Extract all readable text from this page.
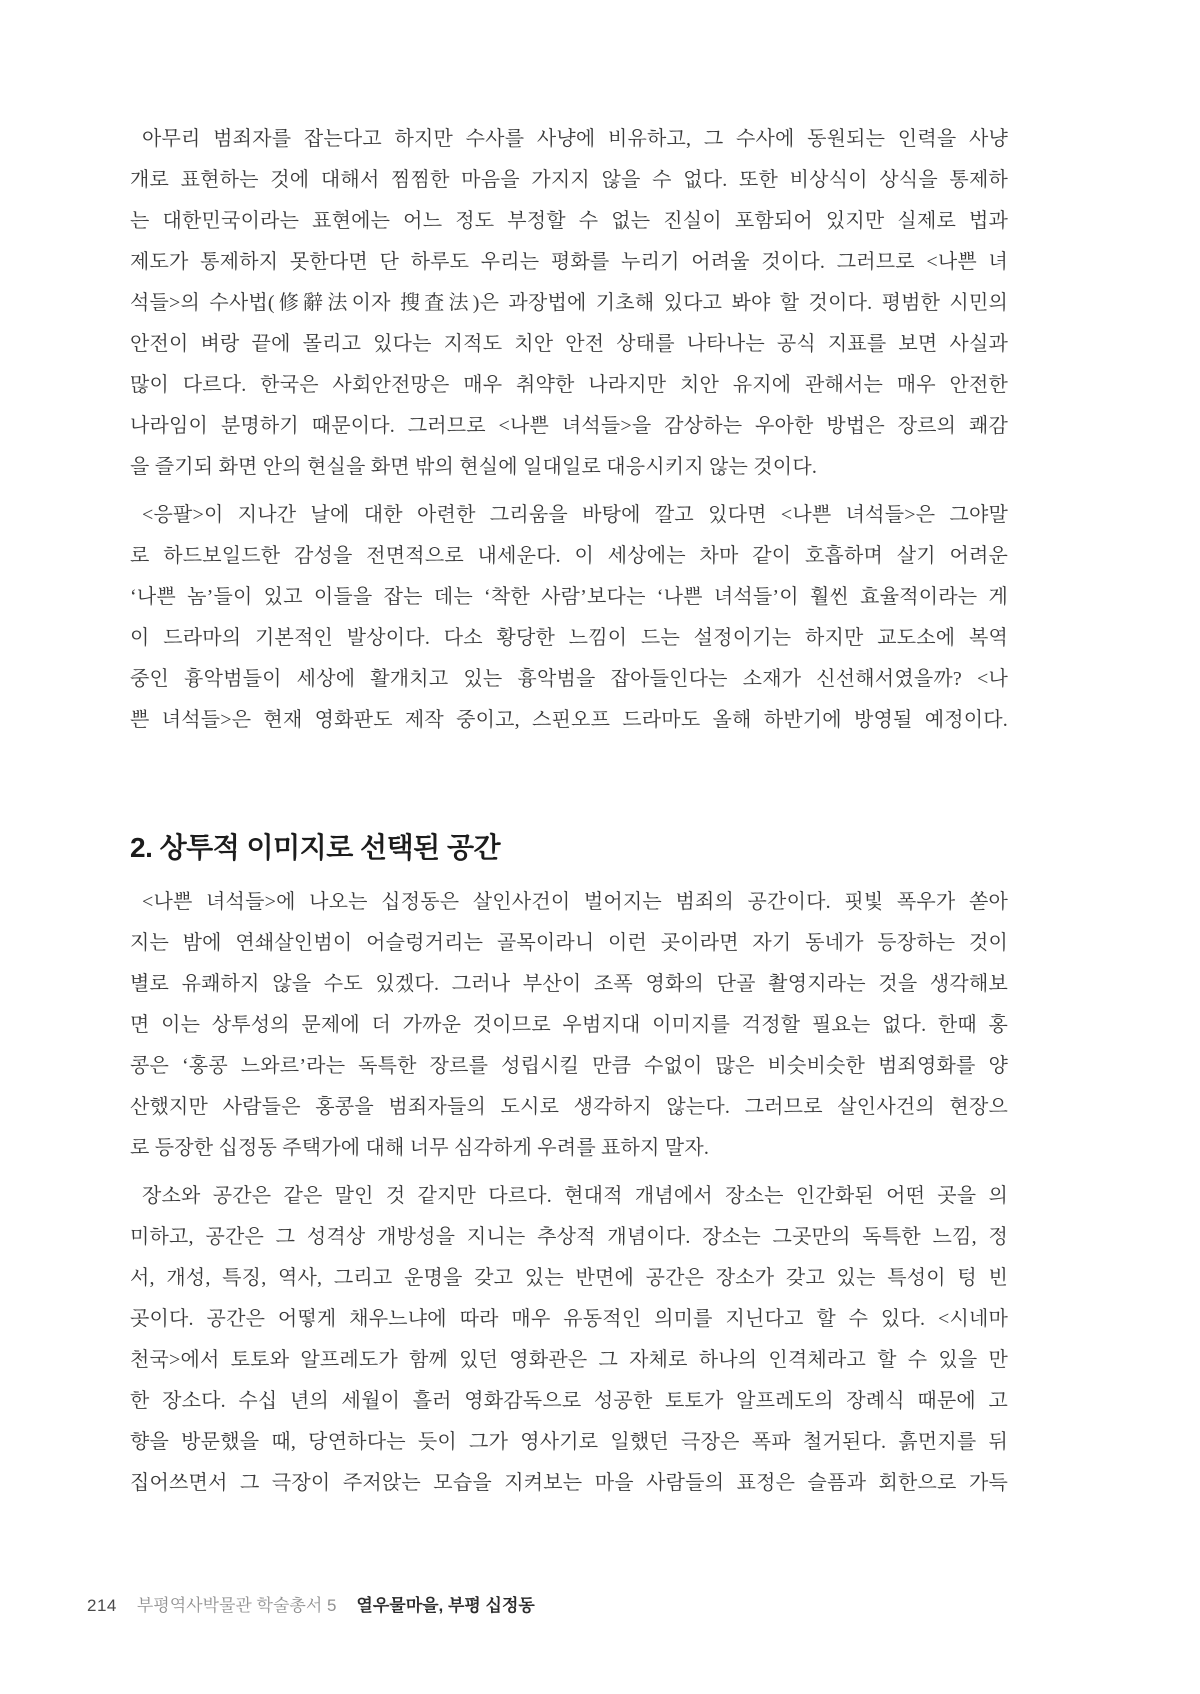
아무리 범죄자를 잡는다고 하지만 수사를 사냥에 비유하고, 그 수사에 동원되는 인력을 사냥
개로 표현하는 것에 대해서 찜찜한 마음을 가지지 않을 수 없다. 또한 비상식이 상식을 통제하
는 대한민국이라는 표현에는 어느 정도 부정할 수 없는 진실이 포함되어 있지만 실제로 법과
제도가 통제하지 못한다면 단 하루도 우리는 평화를 누리기 어려울 것이다. 그러므로 <나쁜 녀
석들>의 수사법(修辭法이자 搜査法)은 과장법에 기초해 있다고 봐야 할 것이다. 평범한 시민의
안전이 벼랑 끝에 몰리고 있다는 지적도 치안 안전 상태를 나타나는 공식 지표를 보면 사실과
많이 다르다. 한국은 사회안전망은 매우 취약한 나라지만 치안 유지에 관해서는 매우 안전한
나라임이 분명하기 때문이다. 그러므로 <나쁜 녀석들>을 감상하는 우아한 방법은 장르의 쾌감
을 즐기되 화면 안의 현실을 화면 밖의 현실에 일대일로 대응시키지 않는 것이다.
<응팔>이 지나간 날에 대한 아련한 그리움을 바탕에 깔고 있다면 <나쁜 녀석들>은 그야말
로 하드보일드한 감성을 전면적으로 내세운다. 이 세상에는 차마 같이 호흡하며 살기 어려운
‘나쁜 놈’들이 있고 이들을 잡는 데는 ‘착한 사람’보다는 ‘나쁜 녀석들’이 훨씬 효율적이라는 게
이 드라마의 기본적인 발상이다. 다소 황당한 느낌이 드는 설정이기는 하지만 교도소에 복역
중인 흉악범들이 세상에 활개치고 있는 흉악범을 잡아들인다는 소재가 신선해서였을까? <나
쁜 녀석들>은 현재 영화판도 제작 중이고, 스핀오프 드라마도 올해 하반기에 방영될 예정이다.
2. 상투적 이미지로 선택된 공간
<나쁜 녀석들>에 나오는 십정동은 살인사건이 벌어지는 범죄의 공간이다. 핏빛 폭우가 쏟아
지는 밤에 연쇄살인범이 어슬렁거리는 골목이라니 이런 곳이라면 자기 동네가 등장하는 것이
별로 유쾌하지 않을 수도 있겠다. 그러나 부산이 조폭 영화의 단골 촬영지라는 것을 생각해보
면 이는 상투성의 문제에 더 가까운 것이므로 우범지대 이미지를 걱정할 필요는 없다. 한때 홍
콩은 ‘홍콩 느와르’라는 독특한 장르를 성립시킬 만큼 수없이 많은 비슷비슷한 범죄영화를 양
산했지만 사람들은 홍콩을 범죄자들의 도시로 생각하지 않는다. 그러므로 살인사건의 현장으
로 등장한 십정동 주택가에 대해 너무 심각하게 우려를 표하지 말자.
장소와 공간은 같은 말인 것 같지만 다르다. 현대적 개념에서 장소는 인간화된 어떤 곳을 의
미하고, 공간은 그 성격상 개방성을 지니는 추상적 개념이다. 장소는 그곳만의 독특한 느낌, 정
서, 개성, 특징, 역사, 그리고 운명을 갖고 있는 반면에 공간은 장소가 갖고 있는 특성이 텅 빈
곳이다. 공간은 어떻게 채우느냐에 따라 매우 유동적인 의미를 지닌다고 할 수 있다. <시네마
천국>에서 토토와 알프레도가 함께 있던 영화관은 그 자체로 하나의 인격체라고 할 수 있을 만
한 장소다. 수십 년의 세월이 흘러 영화감독으로 성공한 토토가 알프레도의 장례식 때문에 고
향을 방문했을 때, 당연하다는 듯이 그가 영사기로 일했던 극장은 폭파 철거된다. 흙먼지를 뒤
집어쓰면서 그 극장이 주저앉는 모습을 지켜보는 마을 사람들의 표정은 슬픔과 회한으로 가득
214 부평역사박물관 학술총서 5 열우물마을, 부평 십정동
